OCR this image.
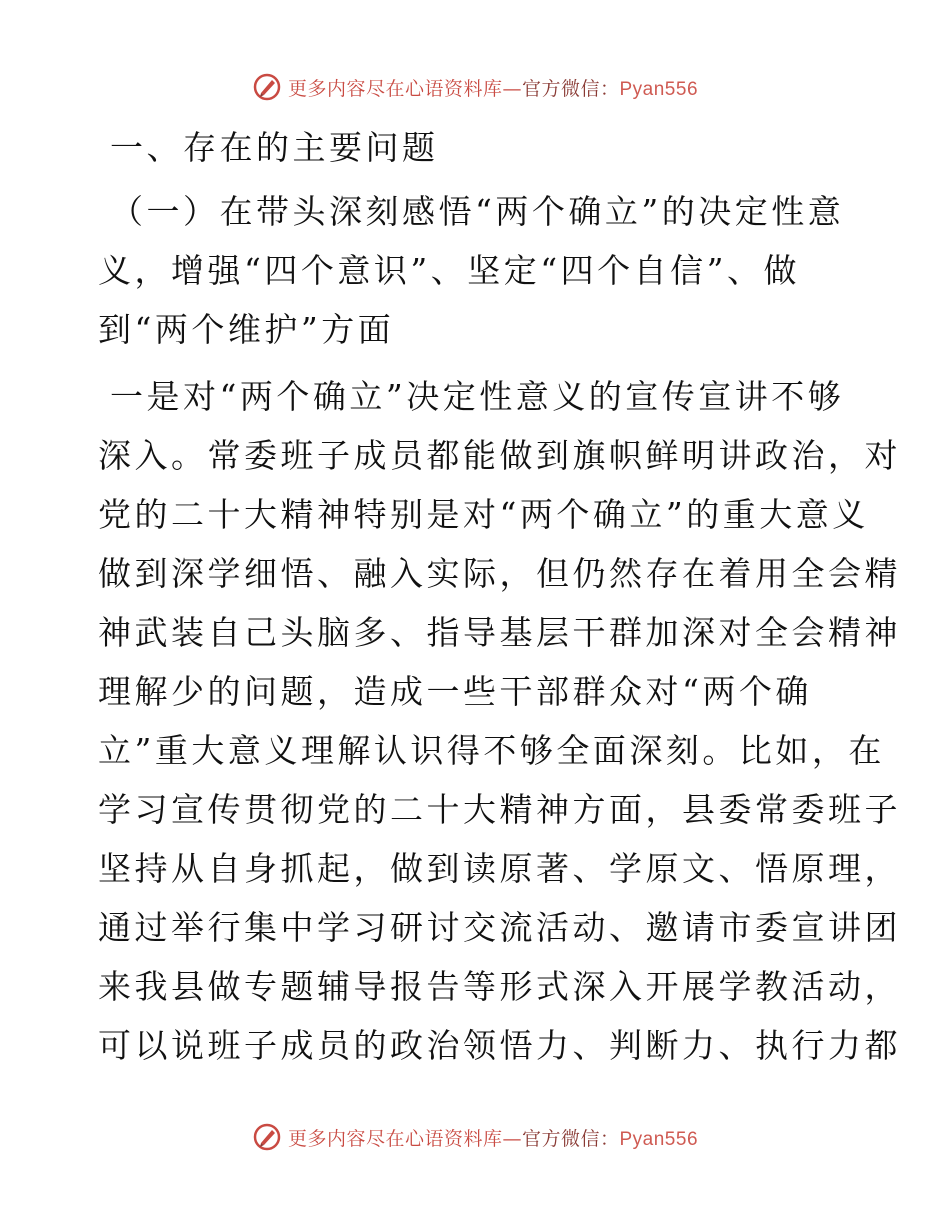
更多内容尽在心语资料库—官方微信：Pyan556
一、存在的主要问题
（一）在带头深刻感悟“两个确立”的决定性意
义，增强“四个意识”、坚定“四个自信”、做
到“两个维护”方面
一是对“两个确立”决定性意义的宣传宣讲不够
深入。常委班子成员都能做到旗帜鲜明讲政治，对
党的二十大精神特别是对“两个确立”的重大意义
做到深学细悟、融入实际，但仍然存在着用全会精
神武装自己头脑多、指导基层干群加深对全会精神
理解少的问题，造成一些干部群众对“两个确
立”重大意义理解认识得不够全面深刻。比如，在
学习宣传贯彻党的二十大精神方面，县委常委班子
坚持从自身抓起，做到读原著、学原文、悟原理，
通过举行集中学习研讨交流活动、邀请市委宣讲团
来我县做专题辅导报告等形式深入开展学教活动，
可以说班子成员的政治领悟力、判断力、执行力都
更多内容尽在心语资料库—官方微信：Pyan556
